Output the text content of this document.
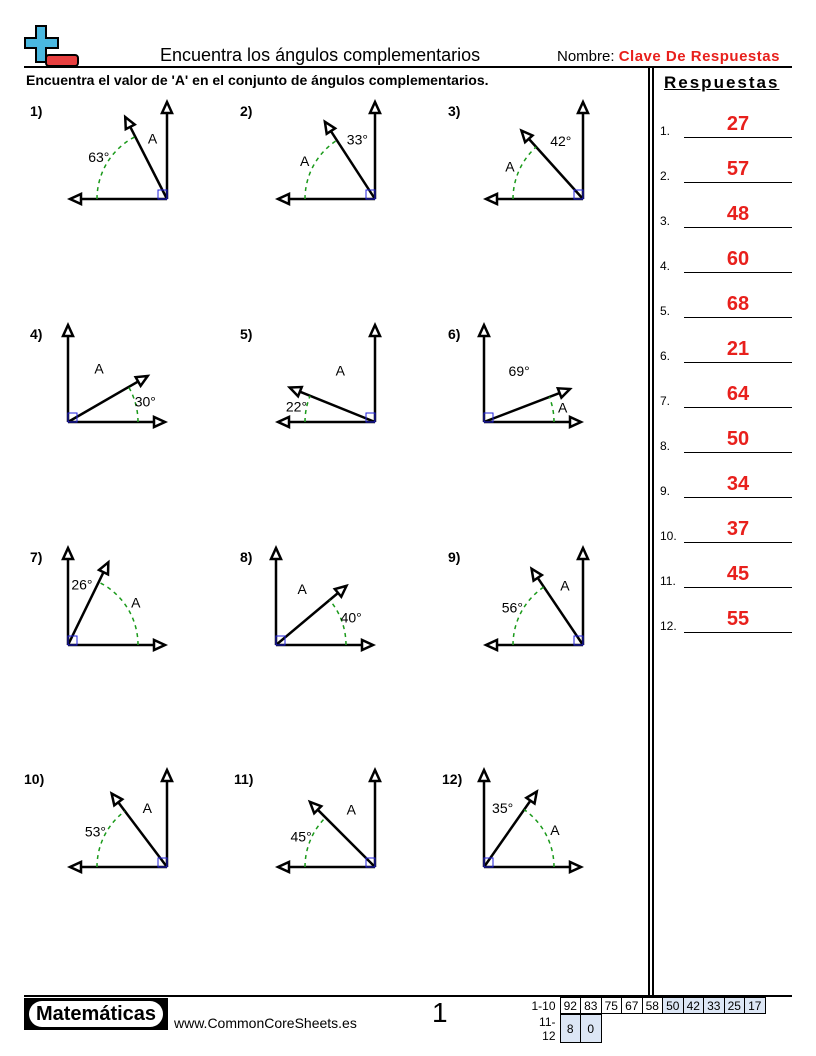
Encuentra los ángulos complementarios	Nombre: Clave De Respuestas
Encuentra el valor de 'A' en el conjunto de ángulos complementarios.	Respuestas
1.	27
2.	57
3.	48
4.	60
5.	68
6.	21
7.	64
8.	50
9.	34
10.	37
11.	45
12.	55
63°
A
A
33°
A
42°
30°
A
22°
A
A
69°
A
26°
40°
A
56°
A
53°
A
45°
A
A
35°
1)	2)	3)
4)	5)	6)
7)	8)	9)
10)	11)	12)
Matemáticas	www.CommonCoreSheets.es	1	1-10	92	83	75	67	58	50	42	33	25	17
11-12	8	0
